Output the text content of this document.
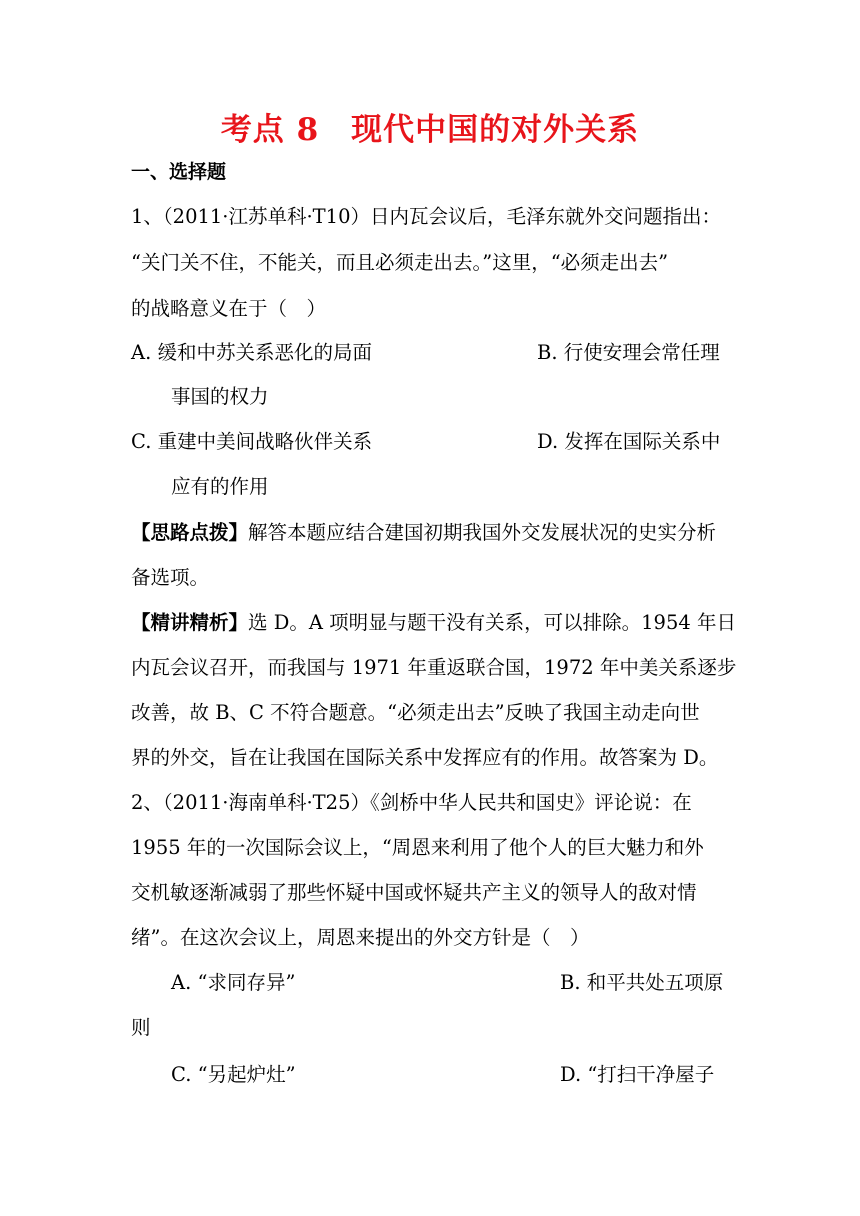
考点 8　现代中国的对外关系
一、选择题
1、（2011·江苏单科·T10）日内瓦会议后，毛泽东就外交问题指出：
“关门关不住，不能关，而且必须走出去。”这里，“必须走出去”
的战略意义在于（　）
A. 缓和中苏关系恶化的局面	B. 行使安理会常任理
事国的权力
C. 重建中美间战略伙伴关系	D. 发挥在国际关系中
应有的作用
【思路点拨】解答本题应结合建国初期我国外交发展状况的史实分析
备选项。
【精讲精析】选 D。A 项明显与题干没有关系，可以排除。1954 年日
内瓦会议召开，而我国与 1971 年重返联合国，1972 年中美关系逐步
改善，故 B、C 不符合题意。“必须走出去”反映了我国主动走向世
界的外交，旨在让我国在国际关系中发挥应有的作用。故答案为 D。
2、（2011·海南单科·T25）《剑桥中华人民共和国史》评论说：在
1955 年的一次国际会议上，“周恩来利用了他个人的巨大魅力和外
交机敏逐渐减弱了那些怀疑中国或怀疑共产主义的领导人的敌对情
绪”。在这次会议上，周恩来提出的外交方针是（　）
A. “求同存异”	B. 和平共处五项原
则
C. “另起炉灶”	D. “打扫干净屋子
